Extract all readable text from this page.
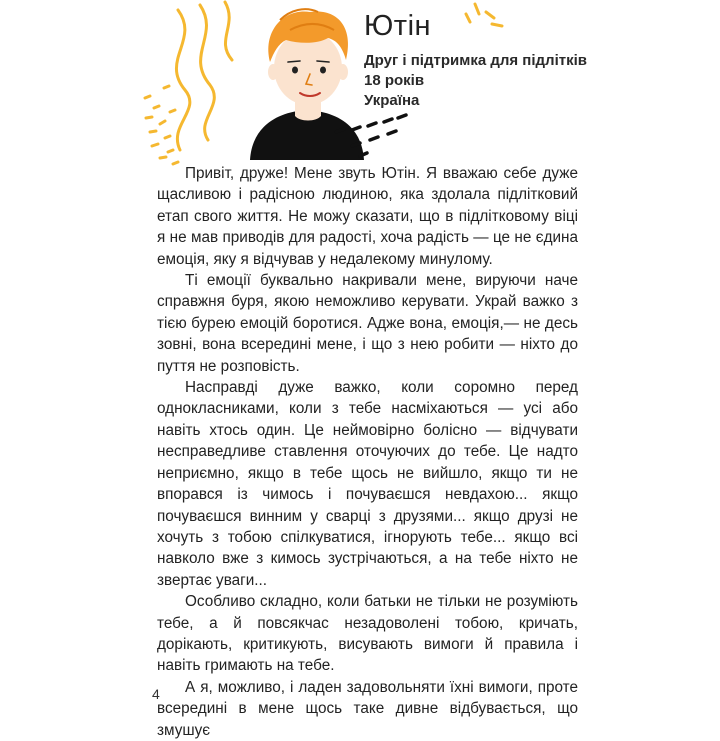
Ютін
Друг і підтримка для підлітків
18 років
Україна

Привіт, друже! Мене звуть Ютін. Я вважаю себе дуже щасливою і радісною людиною, яка здолала підлітковий етап свого життя. Не можу сказати, що в підлітковому віці я не мав приводів для радості, хоча радість — це не єдина емоція, яку я відчував у недалекому минулому.

Ті емоції буквально накривали мене, вируючи наче справжня буря, якою неможливо керувати. Украй важко з тією бурею емоцій боротися. Адже вона, емоція,— не десь зовні, вона всередині мене, і що з нею робити — ніхто до пуття не розповість.

Насправді дуже важко, коли соромно перед однокласниками, коли з тебе насміхаються — усі або навіть хтось один. Це неймовірно болісно — відчувати несправедливе ставлення оточуючих до тебе. Це надто неприємно, якщо в тебе щось не вийшло, якщо ти не впорався із чимось і почуваєшся невдахою... якщо почуваєшся винним у сварці з друзями... якщо друзі не хочуть з тобою спілкуватися, ігнорують тебе... якщо всі навколо вже з кимось зустрічаються, а на тебе ніхто не звертає уваги...

Особливо складно, коли батьки не тільки не розуміють тебе, а й повсякчас незадоволені тобою, кричать, дорікають, критикують, висувають вимоги й правила і навіть гримають на тебе.

А я, можливо, і ладен задовольняти їхні вимоги, проте всередині в мене щось таке дивне відбувається, що змушує

4
